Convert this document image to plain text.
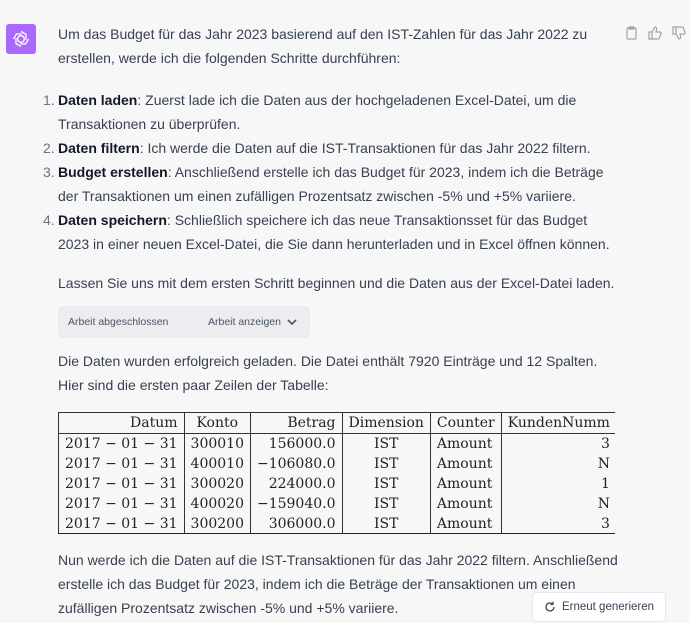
Um das Budget für das Jahr 2023 basierend auf den IST-Zahlen für das Jahr 2022 zu erstellen, werde ich die folgenden Schritte durchführen:

1. Daten laden: Zuerst lade ich die Daten aus der hochgeladenen Excel-Datei, um die Transaktionen zu überprüfen.
2. Daten filtern: Ich werde die Daten auf die IST-Transaktionen für das Jahr 2022 filtern.
3. Budget erstellen: Anschließend erstelle ich das Budget für 2023, indem ich die Beträge der Transaktionen um einen zufälligen Prozentsatz zwischen -5% und +5% variiere.
4. Daten speichern: Schließlich speichere ich das neue Transaktionsset für das Budget 2023 in einer neuen Excel-Datei, die Sie dann herunterladen und in Excel öffnen können.

Lassen Sie uns mit dem ersten Schritt beginnen und die Daten aus der Excel-Datei laden.

Arbeit abgeschlossen	Arbeit anzeigen

Die Daten wurden erfolgreich geladen. Die Datei enthält 7920 Einträge und 12 Spalten. Hier sind die ersten paar Zeilen der Tabelle:

Datum	Konto	Betrag	Dimension	Counter	KundenNumm
2017 − 01 − 31	300010	156000.0	IST	Amount	3
2017 − 01 − 31	400010	−106080.0	IST	Amount	N
2017 − 01 − 31	300020	224000.0	IST	Amount	1
2017 − 01 − 31	400020	−159040.0	IST	Amount	N
2017 − 01 − 31	300200	306000.0	IST	Amount	3

Nun werde ich die Daten auf die IST-Transaktionen für das Jahr 2022 filtern. Anschließend erstelle ich das Budget für 2023, indem ich die Beträge der Transaktionen um einen zufälligen Prozentsatz zwischen -5% und +5% variiere.	Erneut generieren
